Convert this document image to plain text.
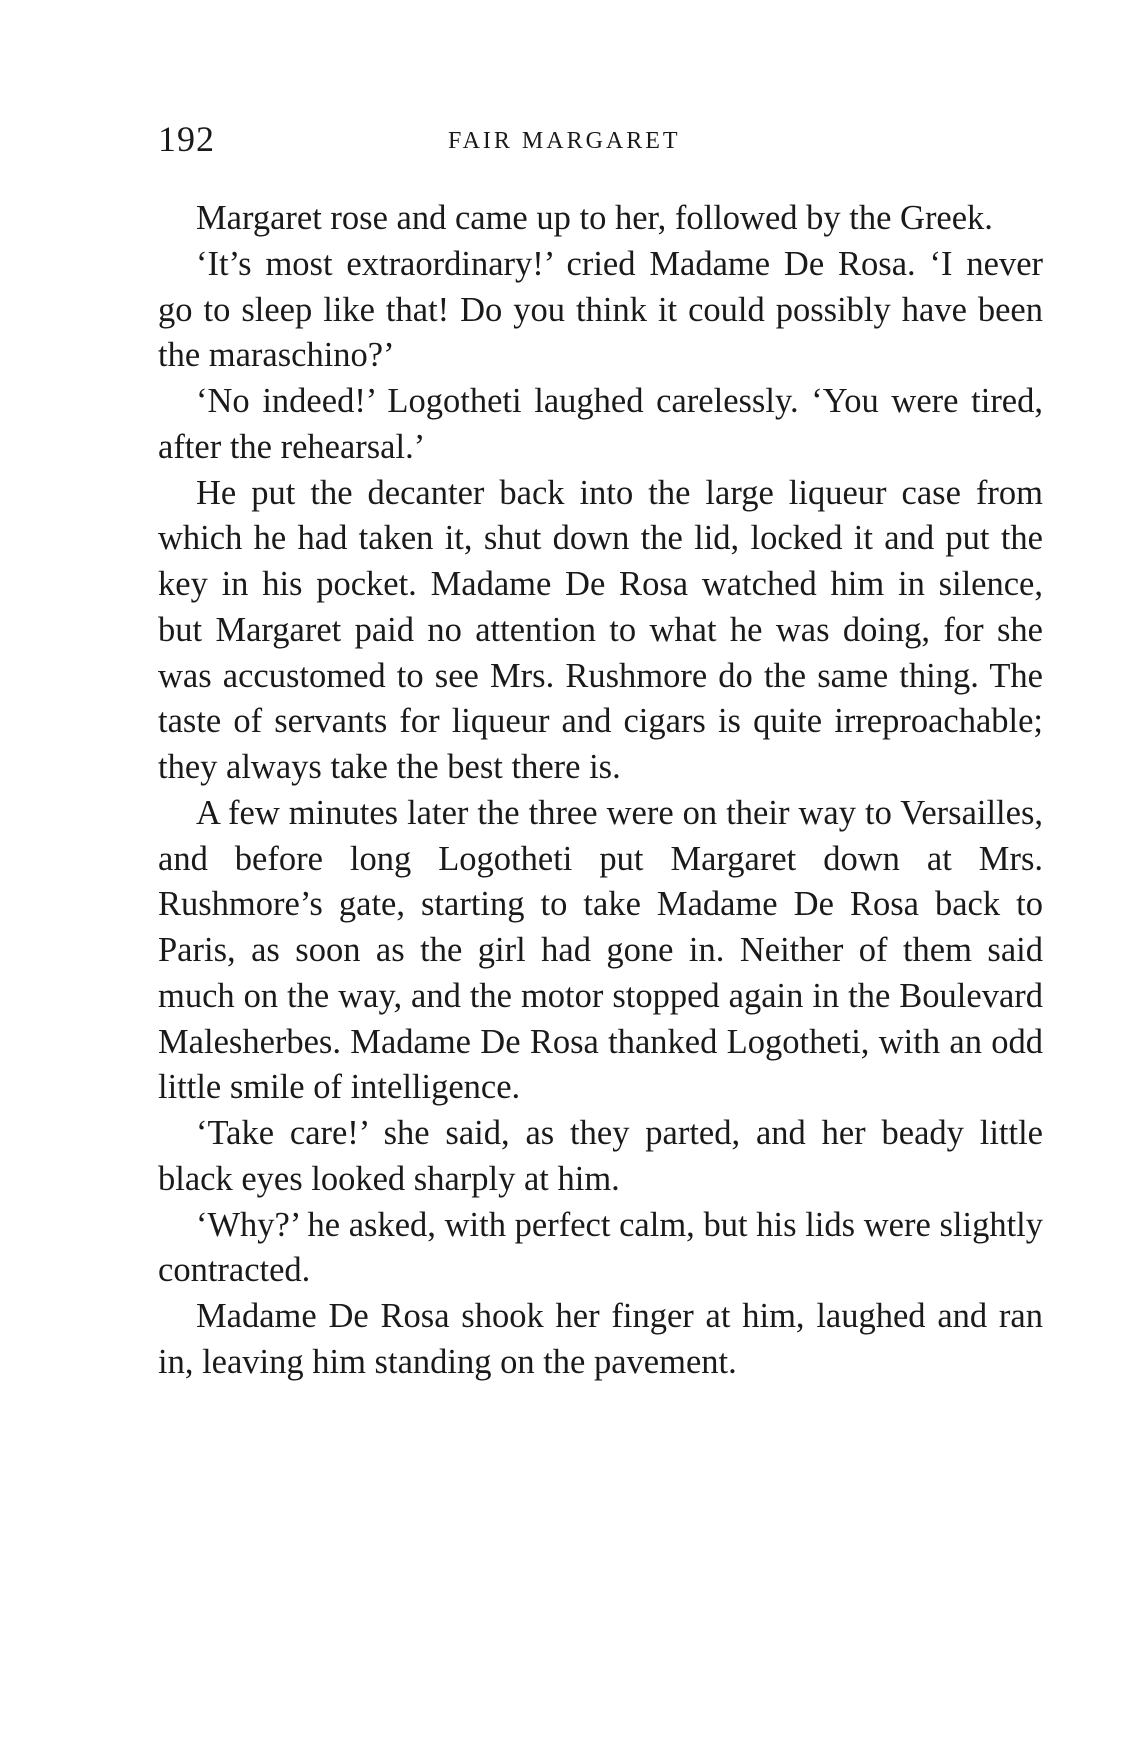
192	FAIR MARGARET

Margaret rose and came up to her, followed by the Greek.

‘It’s most extraordinary!’ cried Madame De Rosa. ‘I never go to sleep like that! Do you think it could possibly have been the maraschino?’

‘No indeed!’ Logotheti laughed carelessly. ‘You were tired, after the rehearsal.’

He put the decanter back into the large liqueur case from which he had taken it, shut down the lid, locked it and put the key in his pocket. Madame De Rosa watched him in silence, but Margaret paid no attention to what he was doing, for she was accustomed to see Mrs. Rushmore do the same thing. The taste of servants for liqueur and cigars is quite irreproachable; they always take the best there is.

A few minutes later the three were on their way to Versailles, and before long Logotheti put Margaret down at Mrs. Rushmore’s gate, starting to take Madame De Rosa back to Paris, as soon as the girl had gone in. Neither of them said much on the way, and the motor stopped again in the Boulevard Malesherbes. Madame De Rosa thanked Logotheti, with an odd little smile of intelligence.

‘Take care!’ she said, as they parted, and her beady little black eyes looked sharply at him.

‘Why?’ he asked, with perfect calm, but his lids were slightly contracted.

Madame De Rosa shook her finger at him, laughed and ran in, leaving him standing on the pavement.
